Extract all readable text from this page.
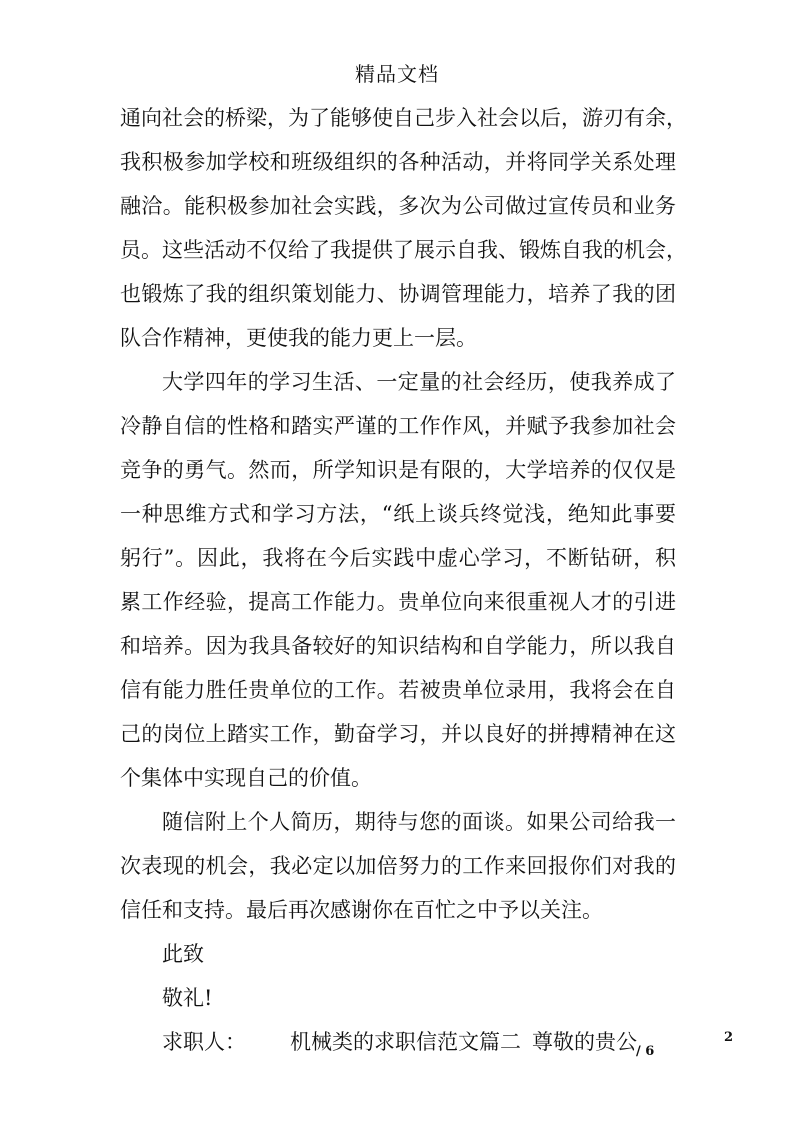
精品文档
通向社会的桥梁，为了能够使自己步入社会以后，游刃有余，
我积极参加学校和班级组织的各种活动，并将同学关系处理
融洽。能积极参加社会实践，多次为公司做过宣传员和业务
员。这些活动不仅给了我提供了展示自我、锻炼自我的机会，
也锻炼了我的组织策划能力、协调管理能力，培养了我的团
队合作精神，更使我的能力更上一层。
大学四年的学习生活、一定量的社会经历，使我养成了
冷静自信的性格和踏实严谨的工作作风，并赋予我参加社会
竞争的勇气。然而，所学知识是有限的，大学培养的仅仅是
一种思维方式和学习方法，“纸上谈兵终觉浅，绝知此事要
躬行”。因此，我将在今后实践中虚心学习，不断钻研，积
累工作经验，提高工作能力。贵单位向来很重视人才的引进
和培养。因为我具备较好的知识结构和自学能力，所以我自
信有能力胜任贵单位的工作。若被贵单位录用，我将会在自
己的岗位上踏实工作，勤奋学习，并以良好的拼搏精神在这
个集体中实现自己的价值。
随信附上个人简历，期待与您的面谈。如果公司给我一
次表现的机会，我必定以加倍努力的工作来回报你们对我的
信任和支持。最后再次感谢你在百忙之中予以关注。
此致
敬礼!
求职人：	机械类的求职信范文篇二 尊敬的贵公	2
/ 6
